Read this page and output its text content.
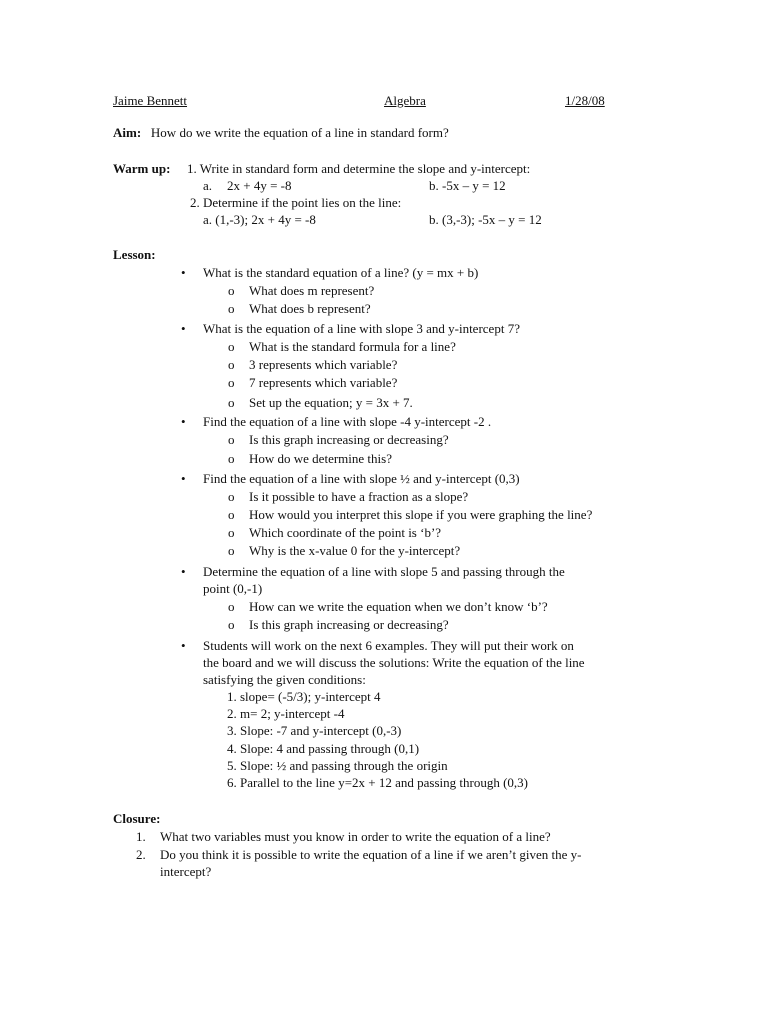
Jaime Bennett	Algebra	1/28/08
Aim: How do we write the equation of a line in standard form?
Warm up: 1. Write in standard form and determine the slope and y-intercept:
a. 2x + 4y = -8	b. -5x – y = 12
2. Determine if the point lies on the line:
a. (1,-3); 2x + 4y = -8	b. (3,-3); -5x – y = 12
Lesson:
• What is the standard equation of a line? (y = mx + b)
o What does m represent?
o What does b represent?
• What is the equation of a line with slope 3 and y-intercept 7?
o What is the standard formula for a line?
o 3 represents which variable?
o 7 represents which variable?
o Set up the equation; y = 3x + 7.
• Find the equation of a line with slope -4 y-intercept -2 .
o Is this graph increasing or decreasing?
o How do we determine this?
• Find the equation of a line with slope ½ and y-intercept (0,3)
o Is it possible to have a fraction as a slope?
o How would you interpret this slope if you were graphing the line?
o Which coordinate of the point is ‘b’?
o Why is the x-value 0 for the y-intercept?
• Determine the equation of a line with slope 5 and passing through the
point (0,-1)
o How can we write the equation when we don’t know ‘b’?
o Is this graph increasing or decreasing?
• Students will work on the next 6 examples. They will put their work on
the board and we will discuss the solutions: Write the equation of the line
satisfying the given conditions:
1. slope= (-5/3); y-intercept 4
2. m= 2; y-intercept -4
3. Slope: -7 and y-intercept (0,-3)
4. Slope: 4 and passing through (0,1)
5. Slope: ½ and passing through the origin
6. Parallel to the line y=2x + 12 and passing through (0,3)
Closure:
1. What two variables must you know in order to write the equation of a line?
2. Do you think it is possible to write the equation of a line if we aren’t given the y-
intercept?
